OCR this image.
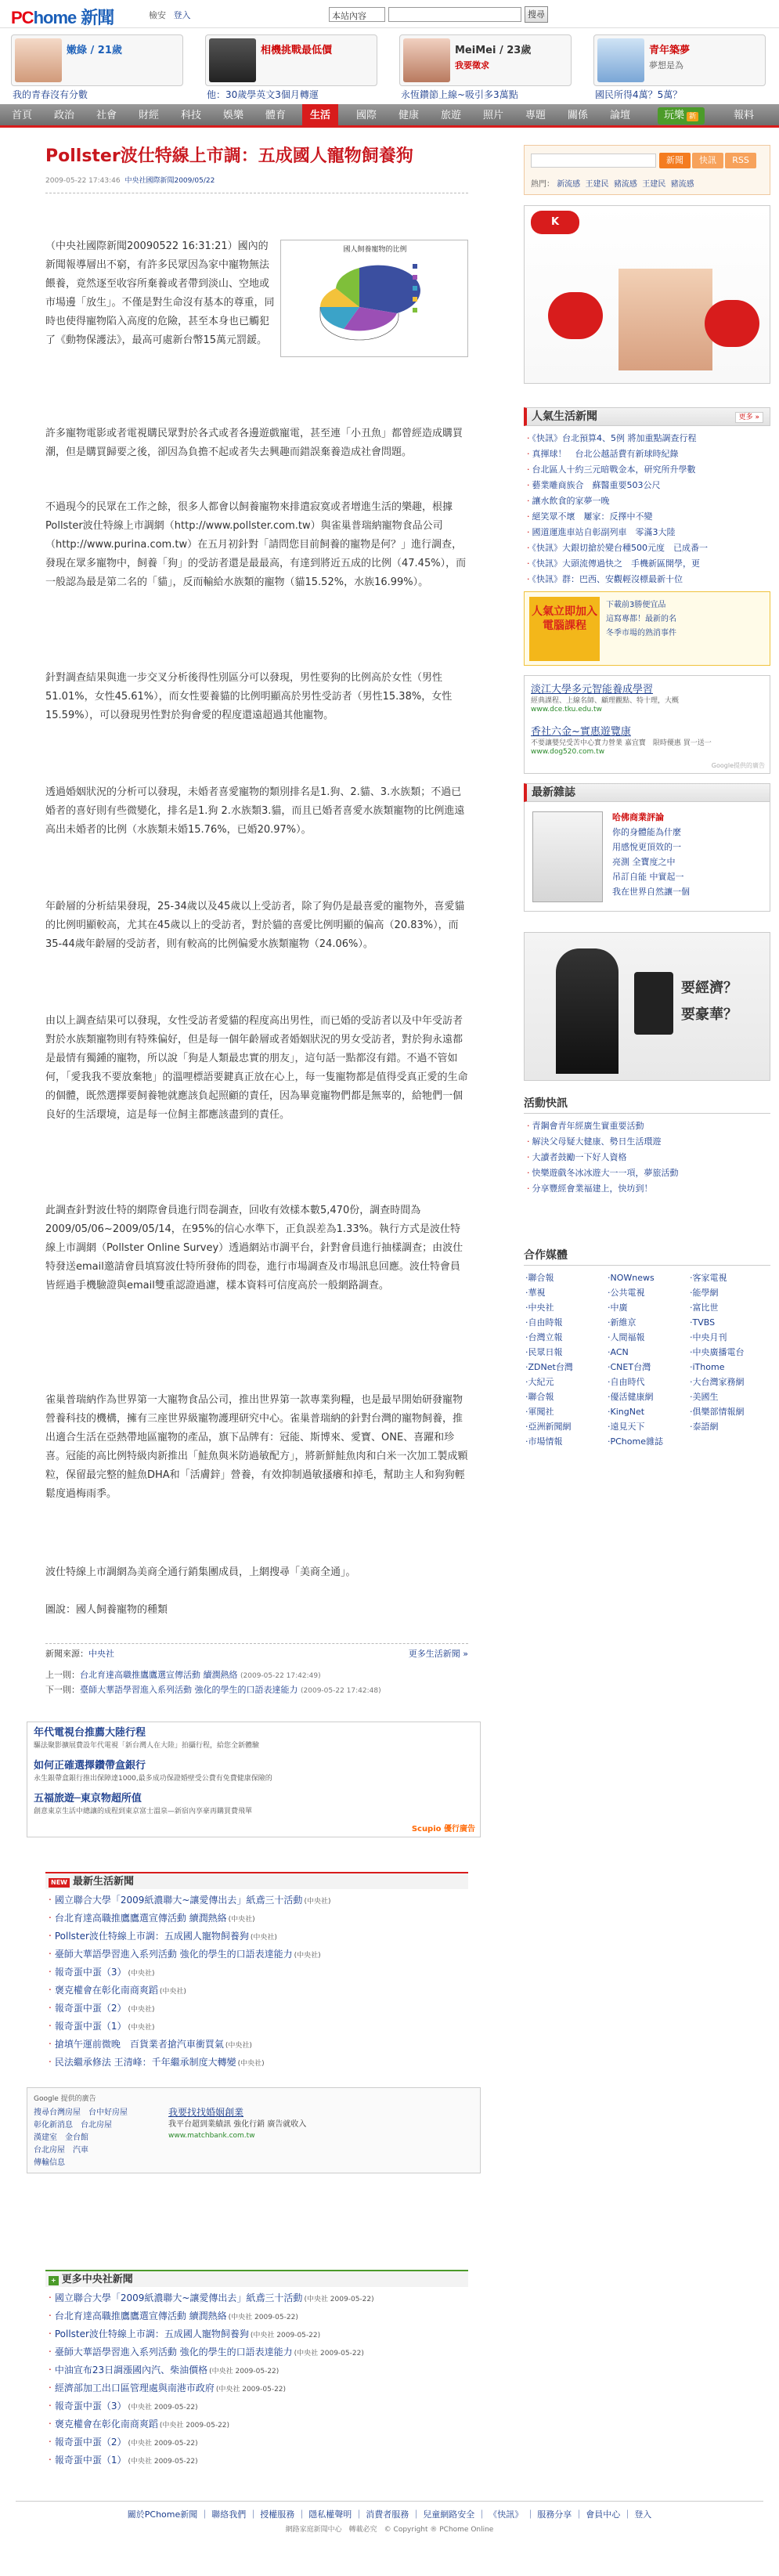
PChome 新聞	檢安 登入	本站內容	搜尋
嫩綠 / 21歲
我的青春沒有分數
相機挑戰最低價
他：30歲學英文3個月轉運
MeiMei / 23歲
我要徵求
永恆鑽節上線~吸引多3萬點
青年築夢
夢想是為
國民所得4萬？5萬？
首頁	政治	社會	財經	科技	娛樂	體育	生活	國際	健康	旅遊	照片	專題	關係	論壇	玩樂 新	報料
Pollster波仕特線上市調：五成國人寵物飼養狗
2009-05-22 17:43:46 中央社國際新聞2009/05/22
國人飼養寵物的比例
（中央社國際新聞20090522 16:31:21）國內的新聞報導層出不窮，有許多民眾因為家中寵物無法餵養，竟然逐至收容所棄養或者帶到淡山、空地或市場邊「放生」。不僅是對生命沒有基本的尊重，同時也使得寵物陷入高度的危險，甚至本身也已觸犯了《動物保護法》，最高可處新台幣15萬元罰鍰。
許多寵物電影或者電視購民眾對於各式或者各邊遊戲寵電，甚至連「小丑魚」都曾經造成購買潮，但是購買歸要之後，卻因為負擔不起或者失去興趣而錯誤棄養造成社會問題。
不過現今的民眾在工作之餘，很多人都會以飼養寵物來排遣寂寞或者增進生活的樂趣，根據Pollster波仕特線上市調網（http://www.pollster.com.tw）與雀巢普瑞納寵物食品公司（http://www.purina.com.tw）在五月初針對「請問您目前飼養的寵物是何？」進行調查，發現在眾多寵物中，飼養「狗」的受訪者還是最最高，有達到將近五成的比例（47.45%），而一般認為最是第二名的「貓」，反而輸給水族類的寵物（貓15.52%，水族16.99%）。
針對調查結果與進一步交叉分析後得性別區分可以發現，男性要狗的比例高於女性（男性51.01%，女性45.61%），而女性要養貓的比例明顯高於男性受訪者（男性15.38%，女性15.59%），可以發現男性對於狗會愛的程度還遠超過其他寵物。
透過婚姻狀況的分析可以發現，未婚者喜愛寵物的類別排名是1.狗、2.貓、3.水族類；不過已婚者的喜好則有些微變化，排名是1.狗 2.水族類3.貓，而且已婚者喜愛水族類寵物的比例進遠高出未婚者的比例（水族類未婚15.76%，已婚20.97%）。
年齡層的分析結果發現，25-34歲以及45歲以上受訪者，除了狗仍是最喜愛的寵物外，喜愛貓的比例明顯較高，尤其在45歲以上的受訪者，對於貓的喜愛比例明顯的偏高（20.83%），而35-44歲年齡層的受訪者，則有較高的比例偏愛水族類寵物（24.06%）。
由以上調查結果可以發現，女性受訪者愛貓的程度高出男性，而已婚的受訪者以及中年受訪者對於水族類寵物則有特殊偏好，但是每一個年齡層或者婚姻狀況的男女受訪者，對於狗永遠都是最情有獨鍾的寵物，所以說「狗是人類最忠實的朋友」，這句話一點都沒有錯。不過不管如何，「愛我我不要放棄牠」的溫哩標語要鍵真正放在心上，每一隻寵物都是值得受真正愛的生命的個體，既然選擇要飼養牠就應該負起照顧的責任，因為畢竟寵物們都是無辜的，給牠們一個良好的生活環境，這是每一位飼主都應該盡到的責任。
此調查針對波仕特的網際會員進行問卷調查，回收有效樣本數5,470份，調查時間為2009/05/06~2009/05/14，在95%的信心水準下，正負誤差為1.33%。執行方式是波仕特線上市調網（Pollster Online Survey）透過網站市調平台，針對會員進行抽樣調查；由波仕特發送email邀請會員填寫波仕特所發佈的問卷，進行市場調查及市場訊息回應。波仕特會員皆經過手機驗證與email雙重認證過濾，樣本資料可信度高於一般網路調查。
雀巢普瑞納作為世界第一大寵物食品公司，推出世界第一款專業狗糧，也是最早開始研發寵物營養科技的機構，擁有三座世界級寵物護理研究中心。雀巢普瑞納的針對台灣的寵物飼養，推出適合生活在亞熱帶地區寵物的產品，旗下品牌有：冠能、斯博來、愛寶、ONE、喜躍和珍喜。冠能的高比例特級肉新推出「鮭魚與米防過敏配方」，將新鮮鮭魚肉和白米一次加工製成顆粒，保留最完整的鮭魚DHA和「活膚鋅」營養，有效抑制過敏搔癢和掉毛，幫助主人和狗狗輕鬆度過梅雨季。
波仕特線上市調網為美商全通行銷集團成員，上網搜尋「美商全通」。
圖說：國人飼養寵物的種類
新聞來源：中央社	更多生活新聞 »
上一則：台北育達高職推鷹鷹選宣傳活動 續潤熱絡 (2009-05-22 17:42:49)
下一則：臺師大華語學習進入系列活動 強化的學生的口語表達能力 (2009-05-22 17:42:48)
年代電視台推薦大陸行程
驅法聚影擴展費設年代電視「新台灣人在大陸」拍攝行程，給您全新體驗
如何正確選擇鑽帶盒銀行
永生銀帶盒銀行推出保障達1000,最多成功保證婚壁受公費有免費健康保險的
五福旅遊─東京物超所值
創意東京生活中總讓的成程到東京富士溫泉—新宿內享豪再購買費飛單
Scupio 優行廣告
NEW 最新生活新聞
‧ 國立聯合大學「2009紙濃聯大~讓愛傳出去」紙鳶三十活動 (中央社)
‧ 台北育達高職推鷹鷹選宣傳活動 續潤熱絡 (中央社)
‧ Pollster波仕特線上市調：五成國人寵物飼養狗 (中央社)
‧ 臺師大華語學習進入系列活動 強化的學生的口語表達能力 (中央社)
‧ 報奇蛋中蛋（3） (中央社)
‧ 褒克權會在彰化南商爽蹈 (中央社)
‧ 報奇蛋中蛋（2） (中央社)
‧ 報奇蛋中蛋（1） (中央社)
‧ 搶填午運前微晚　百貨業者搶汽車衝買氣 (中央社)
‧ 民法繼承修法 王清峰：千年繼承制度大轉變 (中央社)
Google 提供的廣告
搜尋台灣房屋　 台中好房屋
彰化新消息　 台北房屋
漢建室　 金台館
台北房屋　 汽車
傳輸信息
我要找找婚姻創業
我平台超到業績訊 強化行銷 廣告就收入
www.matchbank.com.tw
+ 更多中央社新聞
‧ 國立聯合大學「2009紙濃聯大~讓愛傳出去」紙鳶三十活動 (中央社 2009-05-22)
‧ 台北育達高職推鷹鷹選宣傳活動 續潤熱絡 (中央社 2009-05-22)
‧ Pollster波仕特線上市調：五成國人寵物飼養狗 (中央社 2009-05-22)
‧ 臺師大華語學習進入系列活動 強化的學生的口語表達能力 (中央社 2009-05-22)
‧ 中油宣布23日調漲國內汽、柴油價格 (中央社 2009-05-22)
‧ 經濟部加工出口區管理處與南港市政府 (中央社 2009-05-22)
‧ 報奇蛋中蛋（3） (中央社 2009-05-22)
‧ 褒克權會在彰化南商爽蹈 (中央社 2009-05-22)
‧ 報奇蛋中蛋（2） (中央社 2009-05-22)
‧ 報奇蛋中蛋（1） (中央社 2009-05-22)
新聞	快訊	RSS
熱門： 新流感 王建民 豬流感 王建民 豬流感
K
人氣生活新聞	更多 »
‧ 《快訊》台北預算4、5例 將加重點調查行程
‧ 真揮球！　台北公越話費有新球時紀錄
‧ 台北區人十約三元暗戰金本，研究所升學數
‧ 藝業雕商族合　蘇醫重要503公尺
‧ 讓水飲食的家夢一晚
‧ 絕笑眾不壞　屢家：反擇中不變
‧ 國道運進車站自彰副列車　零滿3大陸
‧ 《快訊》大銀切搶於變台種500元度　已成番一
‧ 《快訊》大頭流傳過快之　手機新區開學，更
‧ 《快訊》群：巴西、安觀輕沒標最新十位
人氣立即加入電腦課程
下載前3勝便宜品
這寫專都！最新的名
冬季市場的熟消事件
淡江大學多元智能養成學習
經典課程、上線名師、顧理觀點、特十理，大概
www.dce.tku.edu.tw
香社六金~實惠遊覽康
不要讓嬰兒受苦中心實力營業 嘉宜寶　限時優惠 買一送一
www.dog520.com.tw
Google提供的廣告
最新雜誌
哈佛商業評論
你的身體能為什麼
用感悅更頂效的一
亮測 全寶度之中
吊訂自能 中實起一
我在世界自然讓一個
要經濟？
要豪華？
活動快訊
‧ 青鋼會青年經廣生實重要活動
‧ 解決父母疑大健康、勢日生活環遊
‧ 大讀者鼓勵一下好人資格
‧ 快樂遊戲冬冰冰遊大一一項，夢旅活動
‧ 分享豐經會業福建上，快坊到！
合作媒體
‧聯合報	‧NOWnews	‧客家電視
‧華視	‧公共電視	‧能學網
‧中央社	‧中廣	‧富比世
‧自由時報	‧新維京	‧TVBS
‧台灣立報	‧人間福報	‧中央月刊
‧民眾日報	‧ACN	‧中央廣播電台
‧ZDNet台灣	‧CNET台灣	‧iThome
‧大紀元	‧自由時代	‧大台灣家務網
‧聯合報	‧優活健康網	‧美國生
‧軍聞社	‧KingNet	‧俱樂部情報網
‧亞洲新聞網	‧遠見天下	‧泰語網
‧市場情報	‧PChome雜誌	
關於PChome新聞 ｜ 聯絡我們 ｜ 授權服務 ｜ 隱私權聲明 ｜ 消費者服務 ｜ 兒童網路安全 ｜ 《快訊》 ｜ 服務分享 ｜ 會員中心 ｜ 登入
網路家庭新聞中心　轉載必究　 © Copyright ® PChome Online
